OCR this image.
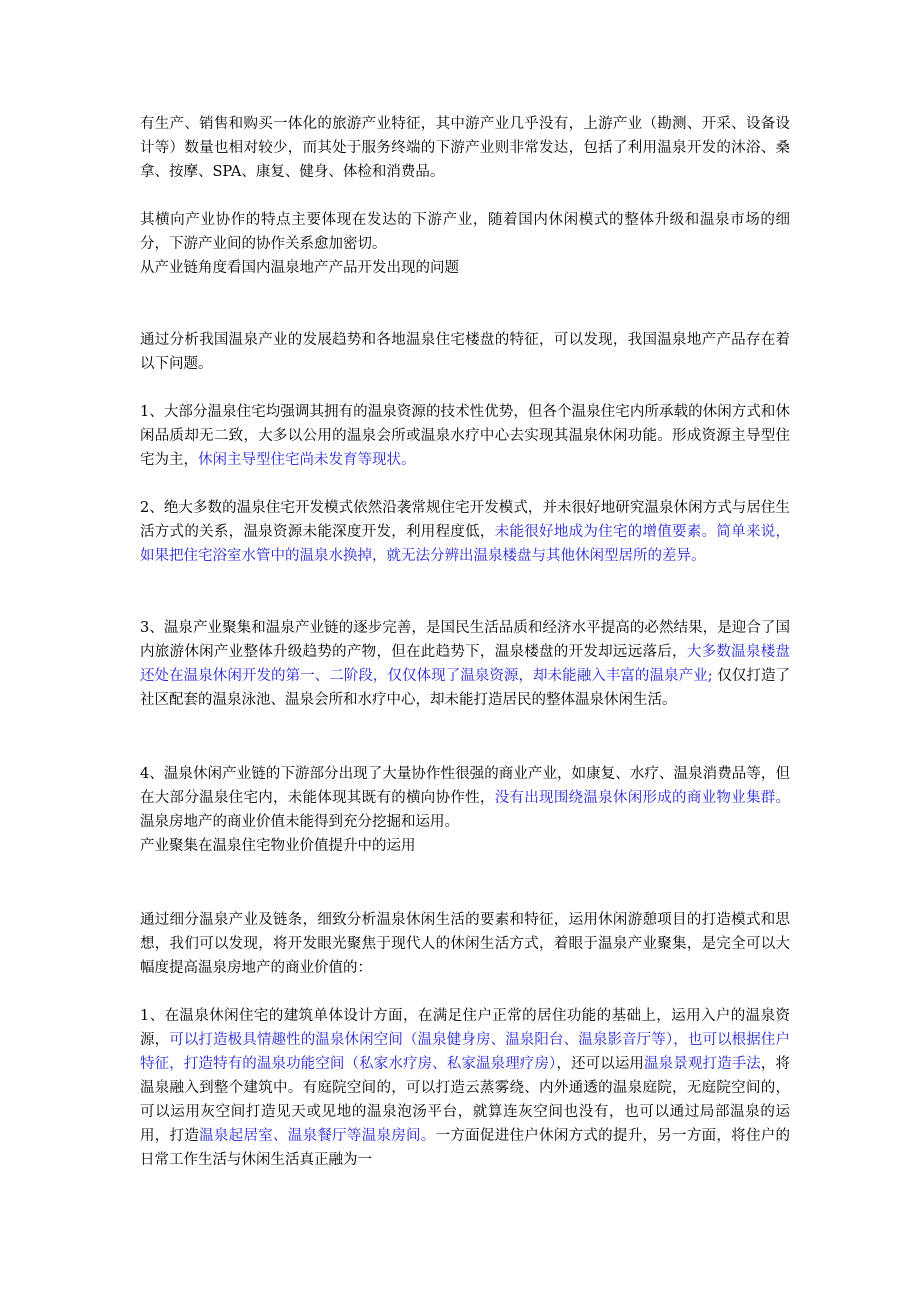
有生产、销售和购买一体化的旅游产业特征，其中游产业几乎没有，上游产业（勘测、开采、设备设计等）数量也相对较少，而其处于服务终端的下游产业则非常发达，包括了利用温泉开发的沐浴、桑拿、按摩、SPA、康复、健身、体检和消费品。

其横向产业协作的特点主要体现在发达的下游产业，随着国内休闲模式的整体升级和温泉市场的细分，下游产业间的协作关系愈加密切。

从产业链角度看国内温泉地产产品开发出现的问题

通过分析我国温泉产业的发展趋势和各地温泉住宅楼盘的特征，可以发现，我国温泉地产产品存在着以下问题。

1、大部分温泉住宅均强调其拥有的温泉资源的技术性优势，但各个温泉住宅内所承载的休闲方式和休闲品质却无二致，大多以公用的温泉会所或温泉水疗中心去实现其温泉休闲功能。形成资源主导型住宅为主，休闲主导型住宅尚未发育等现状。

2、绝大多数的温泉住宅开发模式依然沿袭常规住宅开发模式，并未很好地研究温泉休闲方式与居住生活方式的关系，温泉资源未能深度开发，利用程度低，未能很好地成为住宅的增值要素。简单来说，如果把住宅浴室水管中的温泉水换掉，就无法分辨出温泉楼盘与其他休闲型居所的差异。

3、温泉产业聚集和温泉产业链的逐步完善，是国民生活品质和经济水平提高的必然结果，是迎合了国内旅游休闲产业整体升级趋势的产物，但在此趋势下，温泉楼盘的开发却远远落后，大多数温泉楼盘还处在温泉休闲开发的第一、二阶段，仅仅体现了温泉资源，却未能融入丰富的温泉产业; 仅仅打造了社区配套的温泉泳池、温泉会所和水疗中心，却未能打造居民的整体温泉休闲生活。

4、温泉休闲产业链的下游部分出现了大量协作性很强的商业产业，如康复、水疗、温泉消费品等，但在大部分温泉住宅内，未能体现其既有的横向协作性，没有出现围绕温泉休闲形成的商业物业集群。温泉房地产的商业价值未能得到充分挖掘和运用。

产业聚集在温泉住宅物业价值提升中的运用

通过细分温泉产业及链条，细致分析温泉休闲生活的要素和特征，运用休闲游憩项目的打造模式和思想，我们可以发现，将开发眼光聚焦于现代人的休闲生活方式，着眼于温泉产业聚集，是完全可以大幅度提高温泉房地产的商业价值的：

1、在温泉休闲住宅的建筑单体设计方面，在满足住户正常的居住功能的基础上，运用入户的温泉资源，可以打造极具情趣性的温泉休闲空间（温泉健身房、温泉阳台、温泉影音厅等），也可以根据住户特征，打造特有的温泉功能空间（私家水疗房、私家温泉理疗房），还可以运用温泉景观打造手法，将温泉融入到整个建筑中。有庭院空间的，可以打造云蒸雾绕、内外通透的温泉庭院，无庭院空间的，可以运用灰空间打造见天或见地的温泉泡汤平台，就算连灰空间也没有，也可以通过局部温泉的运用，打造温泉起居室、温泉餐厅等温泉房间。一方面促进住户休闲方式的提升，另一方面，将住户的日常工作生活与休闲生活真正融为一
